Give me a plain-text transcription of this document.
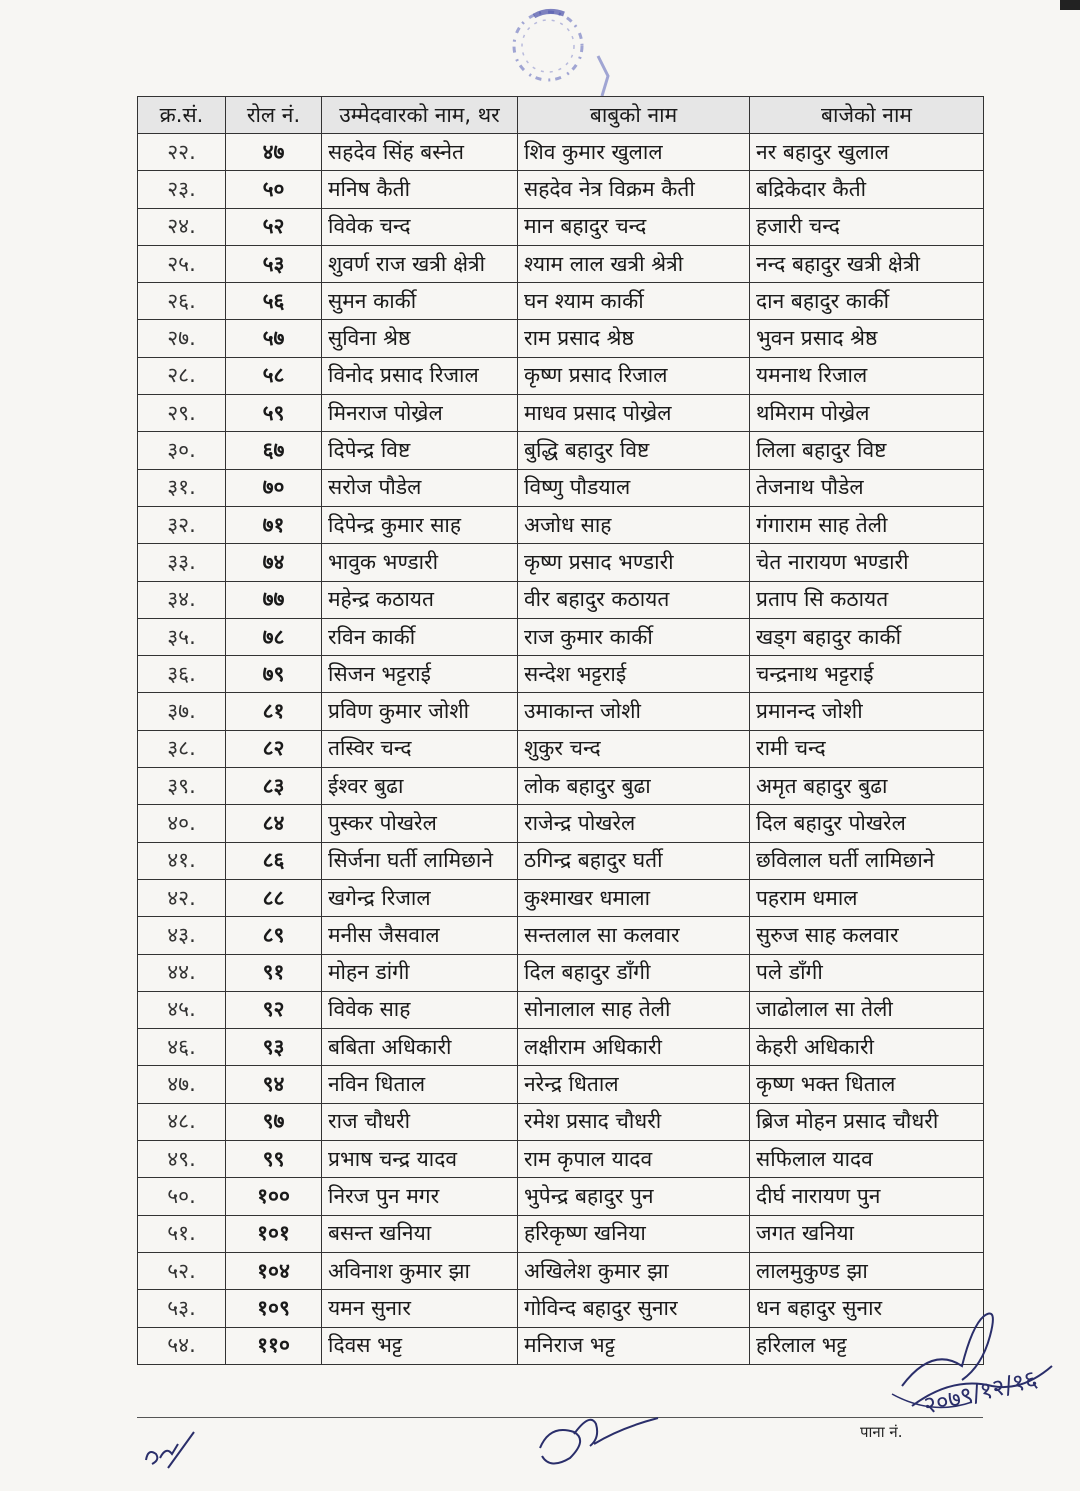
क्र.सं.	रोल नं.	उम्मेदवारको नाम, थर	बाबुको नाम	बाजेको नाम
२२.	४७	सहदेव सिंह बस्नेत	शिव कुमार खुलाल	नर बहादुर खुलाल
२३.	५०	मनिष कैती	सहदेव नेत्र विक्रम कैती	बद्रिकेदार कैती
२४.	५२	विवेक चन्द	मान बहादुर चन्द	हजारी चन्द
२५.	५३	शुवर्ण राज खत्री क्षेत्री	श्याम लाल खत्री श्रेत्री	नन्द बहादुर खत्री क्षेत्री
२६.	५६	सुमन कार्की	घन श्याम कार्की	दान बहादुर कार्की
२७.	५७	सुविना श्रेष्ठ	राम प्रसाद श्रेष्ठ	भुवन प्रसाद श्रेष्ठ
२८.	५८	विनोद प्रसाद रिजाल	कृष्ण प्रसाद रिजाल	यमनाथ रिजाल
२९.	५९	मिनराज पोख्रेल	माधव प्रसाद पोख्रेल	थमिराम पोख्रेल
३०.	६७	दिपेन्द्र विष्ट	बुद्धि बहादुर विष्ट	लिला बहादुर विष्ट
३१.	७०	सरोज पौडेल	विष्णु पौडयाल	तेजनाथ पौडेल
३२.	७१	दिपेन्द्र कुमार साह	अजोध साह	गंगाराम साह तेली
३३.	७४	भावुक भण्डारी	कृष्ण प्रसाद भण्डारी	चेत नारायण भण्डारी
३४.	७७	महेन्द्र कठायत	वीर बहादुर कठायत	प्रताप सि कठायत
३५.	७८	रविन कार्की	राज कुमार कार्की	खड्ग बहादुर कार्की
३६.	७९	सिजन भट्टराई	सन्देश भट्टराई	चन्द्रनाथ भट्टराई
३७.	८१	प्रविण कुमार जोशी	उमाकान्त जोशी	प्रमानन्द जोशी
३८.	८२	तस्विर चन्द	शुकुर चन्द	रामी चन्द
३९.	८३	ईश्वर बुढा	लोक बहादुर बुढा	अमृत बहादुर बुढा
४०.	८४	पुस्कर पोखरेल	राजेन्द्र पोखरेल	दिल बहादुर पोखरेल
४१.	८६	सिर्जना घर्ती लामिछाने	ठगिन्द्र बहादुर घर्ती	छविलाल घर्ती लामिछाने
४२.	८८	खगेन्द्र रिजाल	कुश्माखर धमाला	पहराम धमाल
४३.	८९	मनीस जैसवाल	सन्तलाल सा कलवार	सुरुज साह कलवार
४४.	९१	मोहन डांगी	दिल बहादुर डाँगी	पले डाँगी
४५.	९२	विवेक साह	सोनालाल साह तेली	जाढोलाल सा तेली
४६.	९३	बबिता अधिकारी	लक्षीराम अधिकारी	केहरी अधिकारी
४७.	९४	नविन धिताल	नरेन्द्र धिताल	कृष्ण भक्त धिताल
४८.	९७	राज चौधरी	रमेश प्रसाद चौधरी	ब्रिज मोहन प्रसाद चौधरी
४९.	९९	प्रभाष चन्द्र यादव	राम कृपाल यादव	सफिलाल यादव
५०.	१००	निरज पुन मगर	भुपेन्द्र बहादुर पुन	दीर्घ नारायण पुन
५१.	१०१	बसन्त खनिया	हरिकृष्ण खनिया	जगत खनिया
५२.	१०४	अविनाश कुमार झा	अखिलेश कुमार झा	लालमुकुण्ड झा
५३.	१०९	यमन सुनार	गोविन्द बहादुर सुनार	धन बहादुर सुनार
५४.	११०	दिवस भट्ट	मनिराज भट्ट	हरिलाल भट्ट
२०७९/१२/१६
पाना नं.
